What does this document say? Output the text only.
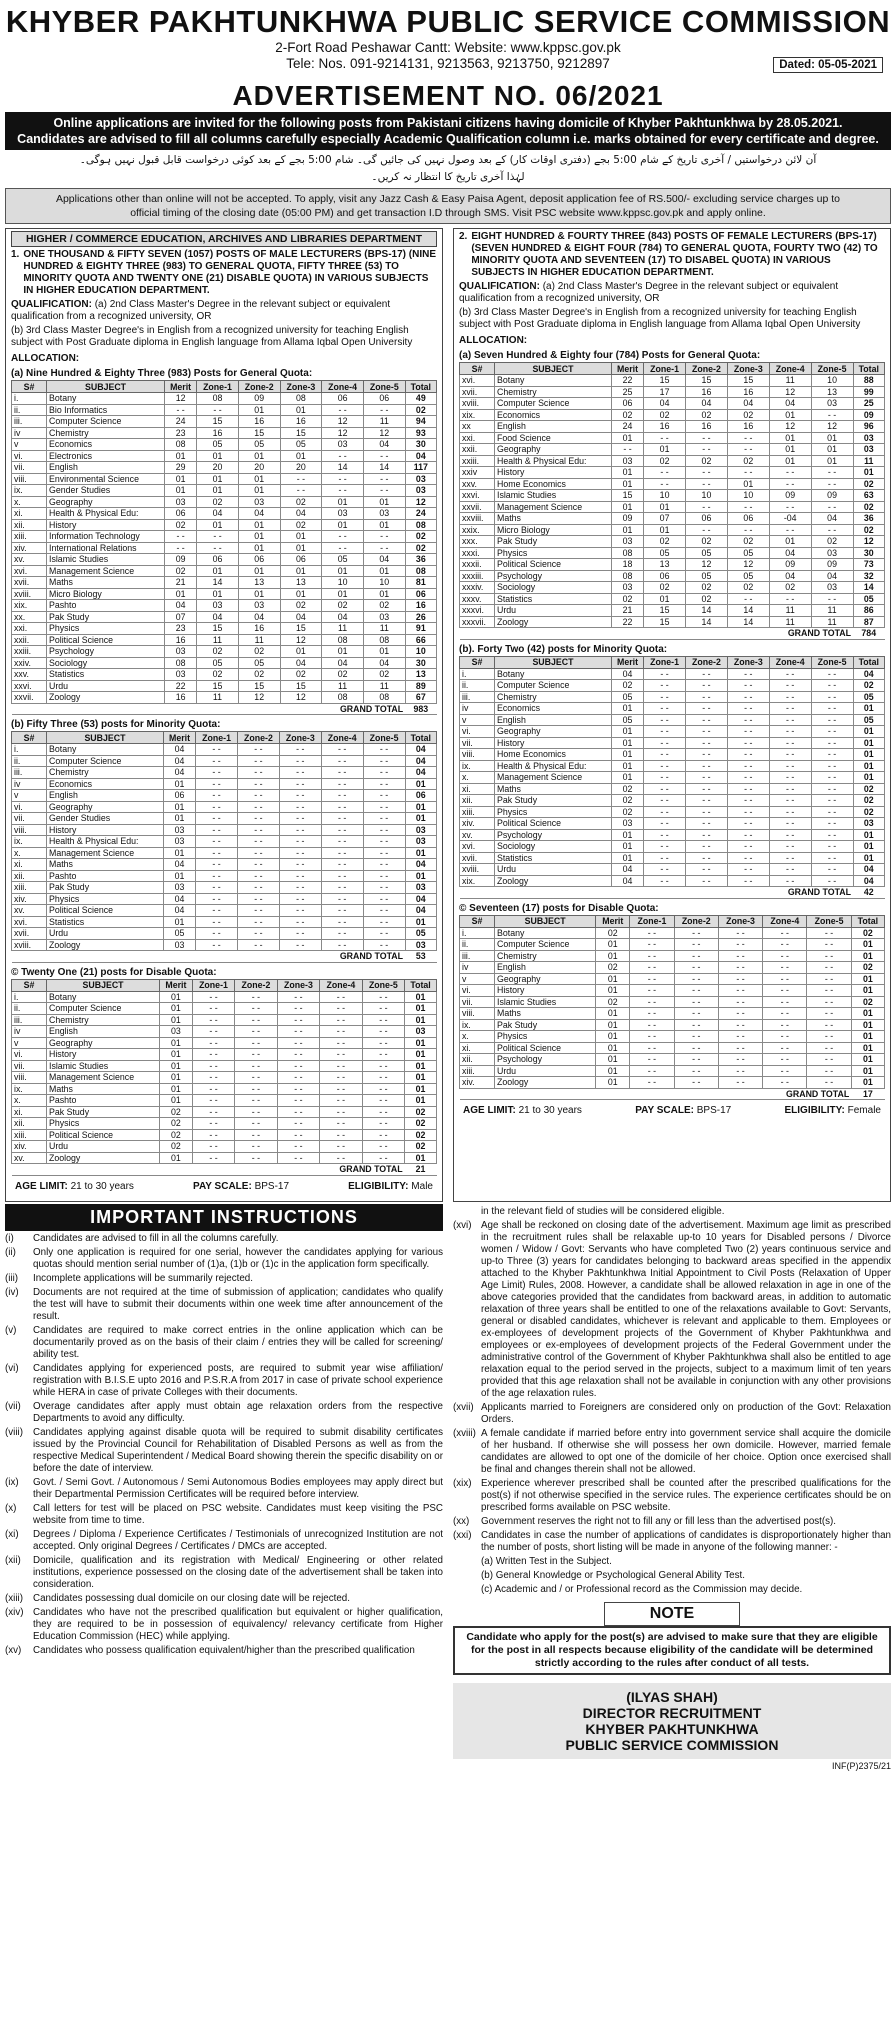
KHYBER PAKHTUNKHWA PUBLIC SERVICE COMMISSION
2-Fort Road Peshawar Cantt: Website: www.kppsc.gov.pk
Tele: Nos. 091-9214131, 9213563, 9213750, 9212897	Dated: 05-05-2021
ADVERTISEMENT NO. 06/2021
Online applications are invited for the following posts from Pakistani citizens having domicile of Khyber Pakhtunkhwa by 28.05.2021.
Candidates are advised to fill all columns carefully especially Academic Qualification column i.e. marks obtained for every certificate and degree.
آن لائن درخواستیں / آخری تاریخ کے شام 5:00 بجے (دفتری اوقات کار) کے بعد وصول نہیں کی جائیں گی۔ شام 5:00 بجے کے بعد کوئی درخواست قابل قبول نہیں ہوگی۔
لہٰذا آخری تاریخ کا انتظار نہ کریں۔
Applications other than online will not be accepted. To apply, visit any Jazz Cash & Easy Paisa Agent, deposit application fee of RS.500/- excluding service charges up to official timing of the closing date (05:00 PM) and get transaction I.D through SMS. Visit PSC website www.kppsc.gov.pk and apply online.
HIGHER / COMMERCE EDUCATION, ARCHIVES AND LIBRARIES DEPARTMENT
1. ONE THOUSAND & FIFTY SEVEN (1057) POSTS OF MALE LECTURERS (BPS-17) (NINE HUNDRED & EIGHTY THREE (983) TO GENERAL QUOTA, FIFTY THREE (53) TO MINORITY QUOTA AND TWENTY ONE (21) DISABLE QUOTA) IN VARIOUS SUBJECTS IN HIGHER EDUCATION DEPARTMENT.
QUALIFICATION: (a) 2nd Class Master's Degree in the relevant subject or equivalent qualification from a recognized university, OR
(b) 3rd Class Master Degree's in English from a recognized university for teaching English subject with Post Graduate diploma in English language from Allama Iqbal Open University
ALLOCATION:
(a) Nine Hundred & Eighty Three (983) Posts for General Quota:
S#	SUBJECT	Merit	Zone-1	Zone-2	Zone-3	Zone-4	Zone-5	Total
i.	Botany	12	08	09	08	06	06	49
ii.	Bio Informatics	- -	- -	01	01	- -	- -	02
iii.	Computer Science	24	15	16	16	12	11	94
iv	Chemistry	23	16	15	15	12	12	93
v	Economics	08	05	05	05	03	04	30
vi.	Electronics	01	01	01	01	- -	- -	04
vii.	English	29	20	20	20	14	14	117
viii.	Environmental Science	01	01	01	- -	- -	- -	03
ix.	Gender Studies	01	01	01	- -	- -	- -	03
x.	Geography	03	02	03	02	01	01	12
xi.	Health & Physical Edu:	06	04	04	04	03	03	24
xii.	History	02	01	01	02	01	01	08
xiii.	Information Technology	- -	- -	01	01	- -	- -	02
xiv.	International Relations	- -	- -	01	01	- -	- -	02
xv.	Islamic Studies	09	06	06	06	05	04	36
xvi.	Management Science	02	01	01	01	01	01	08
xvii.	Maths	21	14	13	13	10	10	81
xviii.	Micro Biology	01	01	01	01	01	01	06
xix.	Pashto	04	03	03	02	02	02	16
xx.	Pak Study	07	04	04	04	04	03	26
xxi.	Physics	23	15	16	15	11	11	91
xxii.	Political Science	16	11	11	12	08	08	66
xxiii.	Psychology	03	02	02	01	01	01	10
xxiv.	Sociology	08	05	05	04	04	04	30
xxv.	Statistics	03	02	02	02	02	02	13
xxvi.	Urdu	22	15	15	15	11	11	89
xxvii.	Zoology	16	11	12	12	08	08	67
GRAND TOTAL								983
(b) Fifty Three (53) posts for Minority Quota:
S#	SUBJECT	Merit	Zone-1	Zone-2	Zone-3	Zone-4	Zone-5	Total
i.	Botany	04	- -	- -	- -	- -	- -	04
ii.	Computer Science	04	- -	- -	- -	- -	- -	04
iii.	Chemistry	04	- -	- -	- -	- -	- -	04
iv	Economics	01	- -	- -	- -	- -	- -	01
v	English	06	- -	- -	- -	- -	- -	06
vi.	Geography	01	- -	- -	- -	- -	- -	01
vii.	Gender Studies	01	- -	- -	- -	- -	- -	01
viii.	History	03	- -	- -	- -	- -	- -	03
ix.	Health & Physical Edu:	03	- -	- -	- -	- -	- -	03
x.	Management Science	01	- -	- -	- -	- -	- -	01
xi.	Maths	04	- -	- -	- -	- -	- -	04
xii.	Pashto	01	- -	- -	- -	- -	- -	01
xiii.	Pak Study	03	- -	- -	- -	- -	- -	03
xiv.	Physics	04	- -	- -	- -	- -	- -	04
xv.	Political Science	04	- -	- -	- -	- -	- -	04
xvi.	Statistics	01	- -	- -	- -	- -	- -	01
xvii.	Urdu	05	- -	- -	- -	- -	- -	05
xviii.	Zoology	03	- -	- -	- -	- -	- -	03
GRAND TOTAL								53
© Twenty One (21) posts for Disable Quota:
S#	SUBJECT	Merit	Zone-1	Zone-2	Zone-3	Zone-4	Zone-5	Total
i.	Botany	01	- -	- -	- -	- -	- -	01
ii.	Computer Science	01	- -	- -	- -	- -	- -	01
iii.	Chemistry	01	- -	- -	- -	- -	- -	01
iv	English	03	- -	- -	- -	- -	- -	03
v	Geography	01	- -	- -	- -	- -	- -	01
vi.	History	01	- -	- -	- -	- -	- -	01
vii.	Islamic Studies	01	- -	- -	- -	- -	- -	01
viii.	Management Science	01	- -	- -	- -	- -	- -	01
ix.	Maths	01	- -	- -	- -	- -	- -	01
x.	Pashto	01	- -	- -	- -	- -	- -	01
xi.	Pak Study	02	- -	- -	- -	- -	- -	02
xii.	Physics	02	- -	- -	- -	- -	- -	02
xiii.	Political Science	02	- -	- -	- -	- -	- -	02
xiv.	Urdu	02	- -	- -	- -	- -	- -	02
xv.	Zoology	01	- -	- -	- -	- -	- -	01
GRAND TOTAL								21
AGE LIMIT: 21 to 30 years	PAY SCALE: BPS-17	ELIGIBILITY: Male
2. EIGHT HUNDRED & FOURTY THREE (843) POSTS OF FEMALE LECTURERS (BPS-17) (SEVEN HUNDRED & EIGHT FOUR (784) TO GENERAL QUOTA, FOURTY TWO (42) TO MINORITY QUOTA AND SEVENTEEN (17) TO DISABEL QUOTA) IN VARIOUS SUBJECTS IN HIGHER EDUCATION DEPARTMENT.
QUALIFICATION: (a) 2nd Class Master's Degree in the relevant subject or equivalent qualification from a recognized university, OR
(b) 3rd Class Master Degree's in English from a recognized university for teaching English subject with Post Graduate diploma in English language from Allama Iqbal Open University
ALLOCATION:
(a) Seven Hundred & Eighty four (784) Posts for General Quota:
S#	SUBJECT	Merit	Zone-1	Zone-2	Zone-3	Zone-4	Zone-5	Total
xvi.	Botany	22	15	15	15	11	10	88
xvii.	Chemistry	25	17	16	16	12	13	99
xviii.	Computer Science	06	04	04	04	04	03	25
xix.	Economics	02	02	02	02	01	- -	09
xx	English	24	16	16	16	12	12	96
xxi.	Food Science	01	- -	- -	- -	01	01	03
xxii.	Geography	- -	01	- -	- -	01	01	03
xxiii.	Health & Physical Edu:	03	02	02	02	01	01	11
xxiv	History	01	- -	- -	- -	- -	- -	01
xxv.	Home Economics	01	- -	- -	01	- -	- -	02
xxvi.	Islamic Studies	15	10	10	10	09	09	63
xxvii.	Management Science	01	01	- -	- -	- -	- -	02
xxviii.	Maths	09	07	06	06	-04	04	36
xxix.	Micro Biology	01	01	- -	- -	- -	- -	02
xxx.	Pak Study	03	02	02	02	01	02	12
xxxi.	Physics	08	05	05	05	04	03	30
xxxii.	Political Science	18	13	12	12	09	09	73
xxxiii.	Psychology	08	06	05	05	04	04	32
xxxiv.	Sociology	03	02	02	02	02	03	14
xxxv.	Statistics	02	01	02	- -	- -	- -	05
xxxvi.	Urdu	21	15	14	14	11	11	86
xxxvii.	Zoology	22	15	14	14	11	11	87
GRAND TOTAL								784
(b). Forty Two (42) posts for Minority Quota:
S#	SUBJECT	Merit	Zone-1	Zone-2	Zone-3	Zone-4	Zone-5	Total
i.	Botany	04	- -	- -	- -	- -	- -	04
ii.	Computer Science	02	- -	- -	- -	- -	- -	02
iii.	Chemistry	05	- -	- -	- -	- -	- -	05
iv	Economics	01	- -	- -	- -	- -	- -	01
v	English	05	- -	- -	- -	- -	- -	05
vi.	Geography	01	- -	- -	- -	- -	- -	01
vii.	History	01	- -	- -	- -	- -	- -	01
viii.	Home Economics	01	- -	- -	- -	- -	- -	01
ix.	Health & Physical Edu:	01	- -	- -	- -	- -	- -	01
x.	Management Science	01	- -	- -	- -	- -	- -	01
xi.	Maths	02	- -	- -	- -	- -	- -	02
xii.	Pak Study	02	- -	- -	- -	- -	- -	02
xiii.	Physics	02	- -	- -	- -	- -	- -	02
xiv.	Political Science	03	- -	- -	- -	- -	- -	03
xv.	Psychology	01	- -	- -	- -	- -	- -	01
xvi.	Sociology	01	- -	- -	- -	- -	- -	01
xvii.	Statistics	01	- -	- -	- -	- -	- -	01
xviii.	Urdu	04	- -	- -	- -	- -	- -	04
xix.	Zoology	04	- -	- -	- -	- -	- -	04
GRAND TOTAL								42
© Seventeen (17) posts for Disable Quota:
S#	SUBJECT	Merit	Zone-1	Zone-2	Zone-3	Zone-4	Zone-5	Total
i.	Botany	02	- -	- -	- -	- -	- -	02
ii.	Computer Science	01	- -	- -	- -	- -	- -	01
iii.	Chemistry	01	- -	- -	- -	- -	- -	01
iv	English	02	- -	- -	- -	- -	- -	02
v	Geography	01	- -	- -	- -	- -	- -	01
vi.	History	01	- -	- -	- -	- -	- -	01
vii.	Islamic Studies	02	- -	- -	- -	- -	- -	02
viii.	Maths	01	- -	- -	- -	- -	- -	01
ix.	Pak Study	01	- -	- -	- -	- -	- -	01
x.	Physics	01	- -	- -	- -	- -	- -	01
xi.	Political Science	01	- -	- -	- -	- -	- -	01
xii.	Psychology	01	- -	- -	- -	- -	- -	01
xiii.	Urdu	01	- -	- -	- -	- -	- -	01
xiv.	Zoology	01	- -	- -	- -	- -	- -	01
GRAND TOTAL								17
AGE LIMIT: 21 to 30 years	PAY SCALE: BPS-17	ELIGIBILITY: Female
IMPORTANT INSTRUCTIONS
(i)	Candidates are advised to fill in all the columns carefully.
(ii)	Only one application is required for one serial, however the candidates applying for various quotas should mention serial number of (1)a, (1)b or (1)c in the application form specifically.
(iii)	Incomplete applications will be summarily rejected.
(iv)	Documents are not required at the time of submission of application; candidates who qualify the test will have to submit their documents within one week time after announcement of the result.
(v)	Candidates are required to make correct entries in the online application which can be documentarily proved as on the basis of their claim / entries they will be called for screening/ ability test.
(vi)	Candidates applying for experienced posts, are required to submit year wise affiliation/ registration with B.I.S.E upto 2016 and P.S.R.A from 2017 in case of private school experience while HERA in case of private Colleges with their documents.
(vii)	Overage candidates after apply must obtain age relaxation orders from the respective Departments to avoid any difficulty.
(viii)	Candidates applying against disable quota will be required to submit disability certificates issued by the Provincial Council for Rehabilitation of Disabled Persons as well as from the respective Medical Superintendent / Medical Board showing therein the specific disability on or before the date of interview.
(ix)	Govt. / Semi Govt. / Autonomous / Semi Autonomous Bodies employees may apply direct but their Departmental Permission Certificates will be required before interview.
(x)	Call letters for test will be placed on PSC website. Candidates must keep visiting the PSC website from time to time.
(xi)	Degrees / Diploma / Experience Certificates / Testimonials of unrecognized Institution are not accepted. Only original Degrees / Certificates / DMCs are accepted.
(xii)	Domicile, qualification and its registration with Medical/ Engineering or other related institutions, experience possessed on the closing date of the advertisement shall be taken into consideration.
(xiii)	Candidates possessing dual domicile on our closing date will be rejected.
(xiv) Candidates who have not the prescribed qualification but equivalent or higher qualification, they are required to be in possession of equivalency/ relevancy certificate from Higher Education Commission (HEC) while applying.
(xv)	Candidates who possess qualification equivalent/higher than the prescribed qualification
in the relevant field of studies will be considered eligible.
(xvi) Age shall be reckoned on closing date of the advertisement. Maximum age limit as prescribed in the recruitment rules shall be relaxable up-to 10 years for Disabled persons / Divorce women / Widow / Govt: Servants who have completed Two (2) years continuous service and up-to Three (3) years for candidates belonging to backward areas specified in the appendix attached to the Khyber Pakhtunkhwa Initial Appointment to Civil Posts (Relaxation of Upper Age Limit) Rules, 2008. However, a candidate shall be allowed relaxation in age in one of the above categories provided that the candidates from backward areas, in addition to automatic relaxation of three years shall be entitled to one of the relaxations available to Govt: Servants, general or disabled candidates, whichever is relevant and applicable to them. Employees or ex-employees of development projects of the Government of Khyber Pakhtunkhwa and employees or ex-employees of development projects of the Federal Government under the administrative control of the Government of Khyber Pakhtunkhwa shall also be entitled to age relaxation equal to the period served in the projects, subject to a maximum limit of ten years provided that this age relaxation shall not be available in conjunction with any other provisions of the age relaxation rules.
(xvii) Applicants married to Foreigners are considered only on production of the Govt: Relaxation Orders.
(xviii) A female candidate if married before entry into government service shall acquire the domicile of her husband. If otherwise she will possess her own domicile. However, married female candidates are allowed to opt one of the domicile of her choice. Option once exercised shall be final and changes therein shall not be allowed.
(xix) Experience wherever prescribed shall be counted after the prescribed qualifications for the post(s) if not otherwise specified in the service rules. The experience certificates should be on prescribed forms available on PSC website.
(xx)	Government reserves the right not to fill any or fill less than the advertised post(s).
(xxi) Candidates in case the number of applications of candidates is disproportionately higher than the number of posts, short listing will be made in anyone of the following manner: -
(a) Written Test in the Subject.
(b) General Knowledge or Psychological General Ability Test.
(c) Academic and / or Professional record as the Commission may decide.
NOTE
Candidate who apply for the post(s) are advised to make sure that they are eligible for the post in all respects because eligibility of the candidate will be determined strictly according to the rules after conduct of all tests.
(ILYAS SHAH)
DIRECTOR RECRUITMENT
KHYBER PAKHTUNKHWA
PUBLIC SERVICE COMMISSION
INF(P)2375/21
